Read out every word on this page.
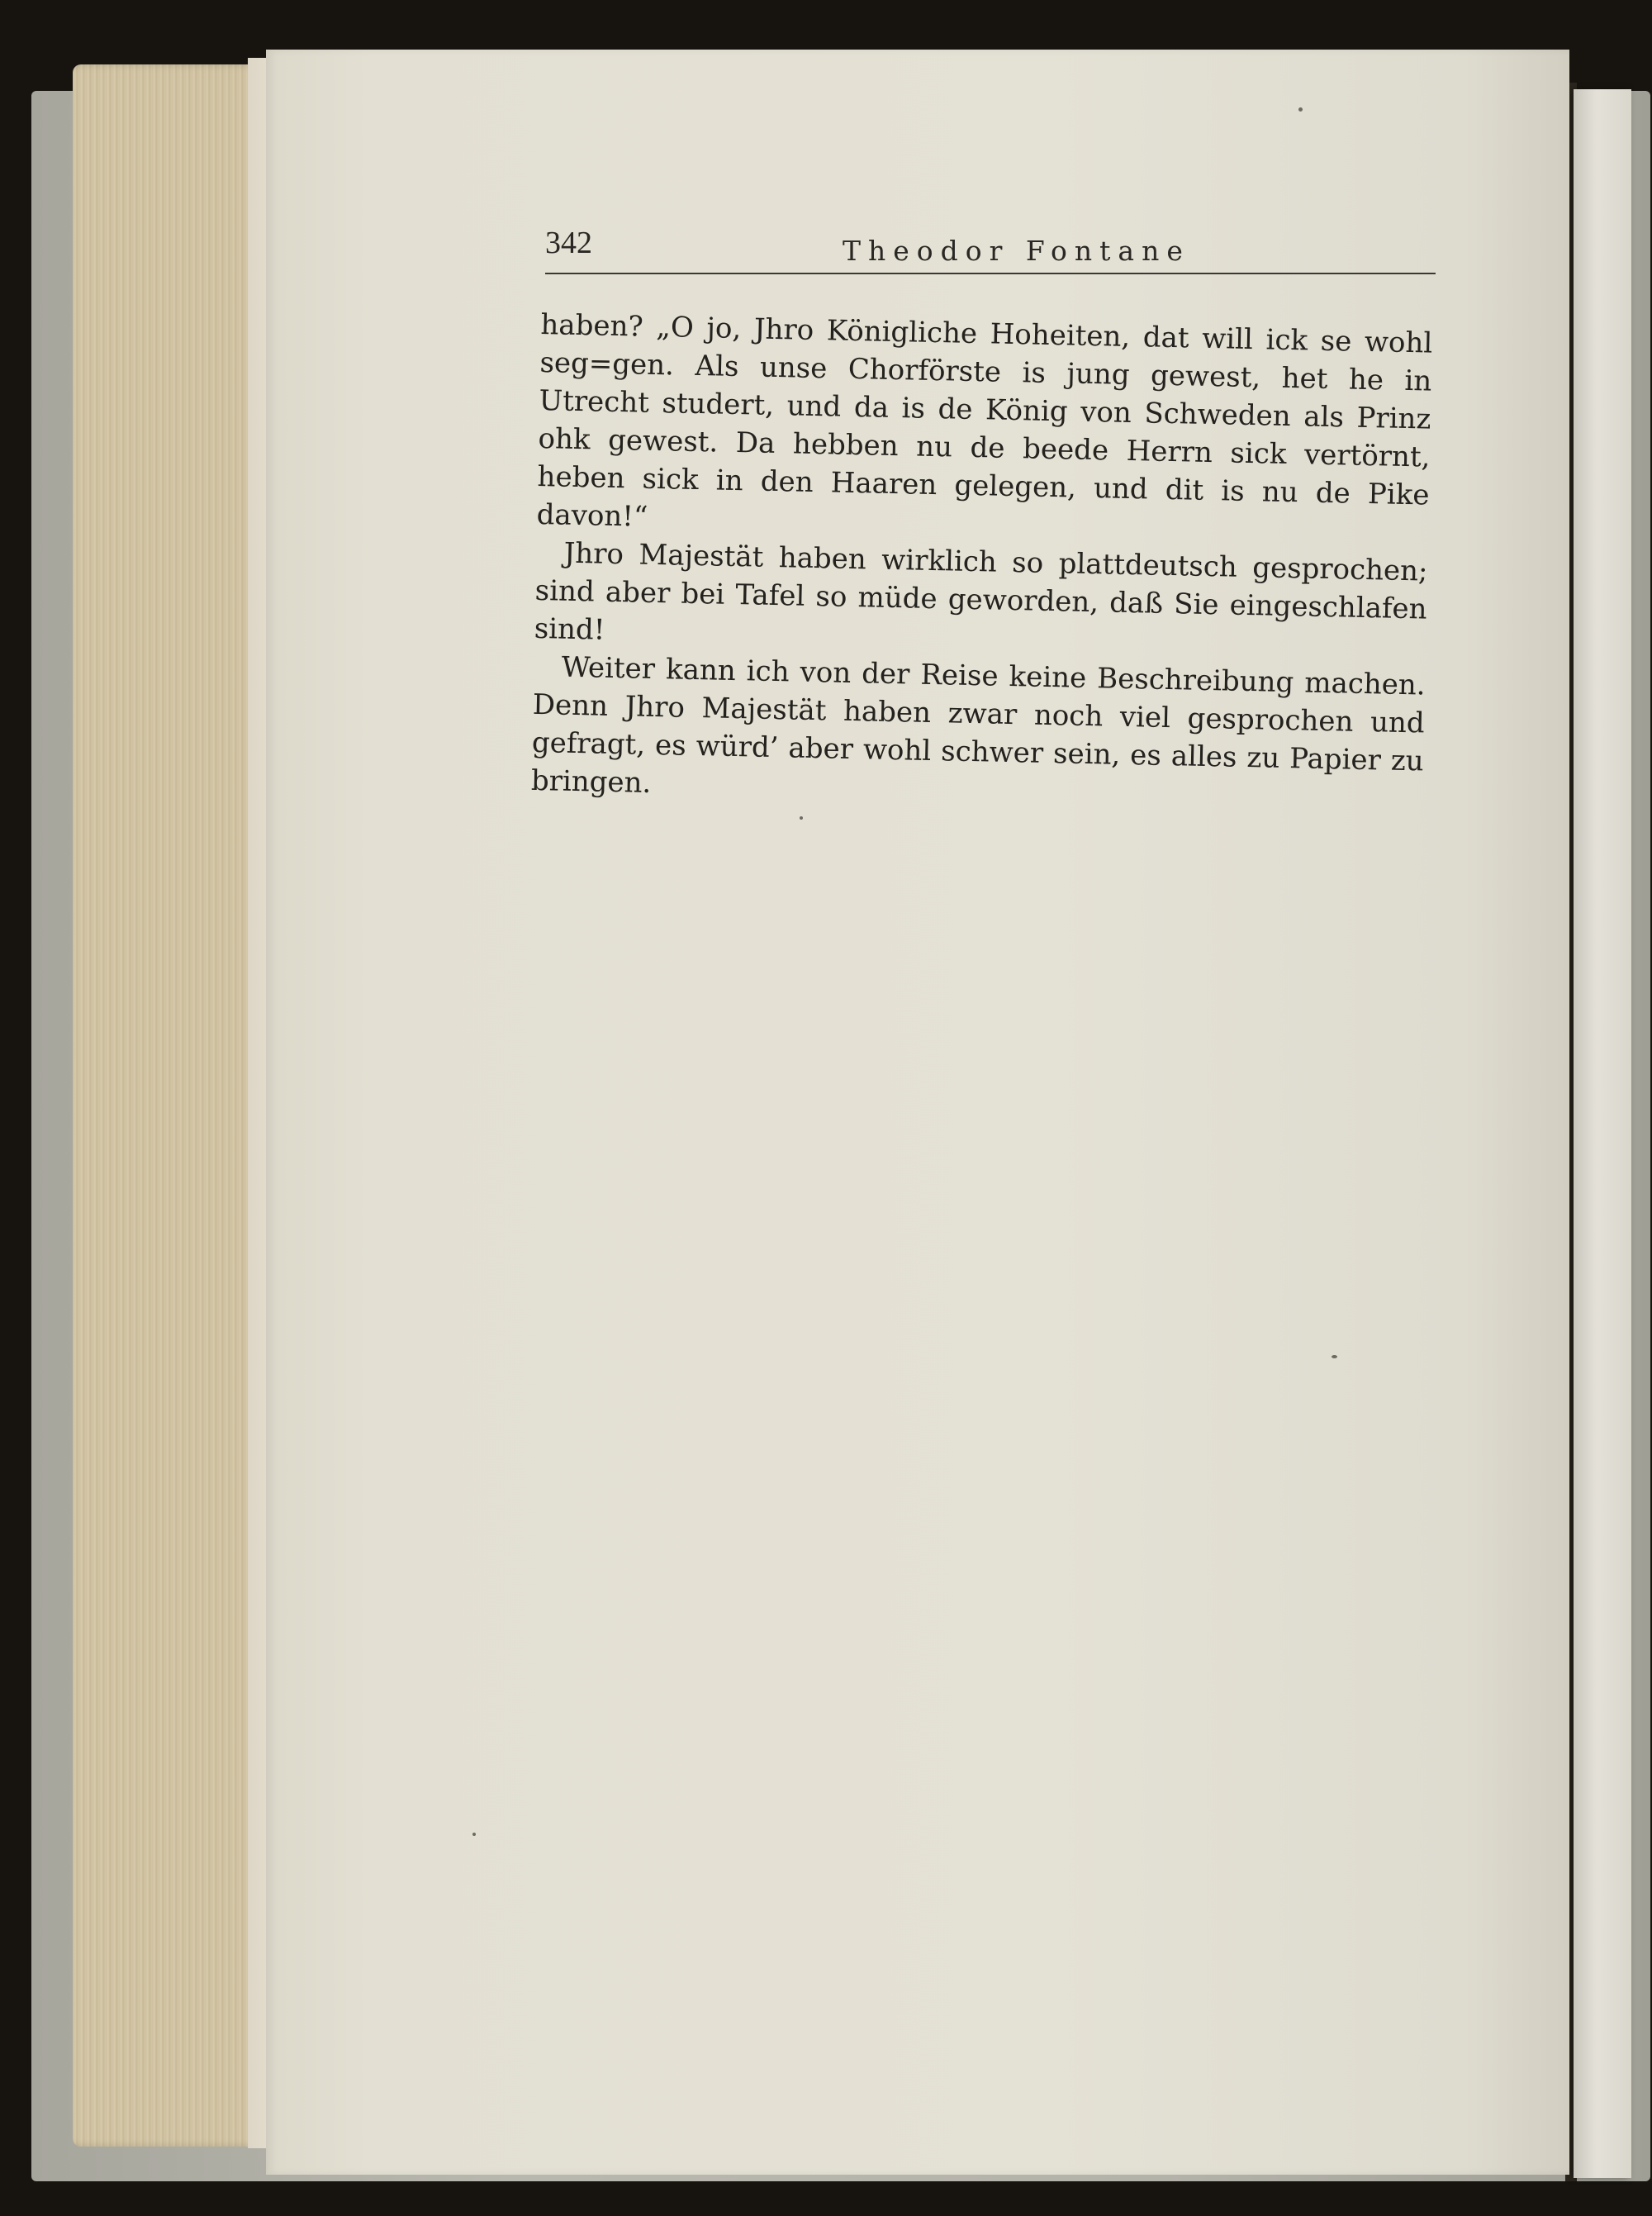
342	Theodor Fontane

haben? „O jo, Jhro Königliche Hoheiten, dat will ick se wohl seg=gen. Als unse Chorförste is jung gewest, het he in Utrecht studert, und da is de König von Schweden als Prinz ohk gewest. Da hebben nu de beede Herrn sick vertörnt, heben sick in den Haaren gelegen, und dit is nu de Pike davon!“

Jhro Majestät haben wirklich so plattdeutsch gesprochen; sind aber bei Tafel so müde geworden, daß Sie eingeschlafen sind!

Weiter kann ich von der Reise keine Beschreibung machen. Denn Jhro Majestät haben zwar noch viel gesprochen und gefragt, es würd’ aber wohl schwer sein, es alles zu Papier zu bringen.
